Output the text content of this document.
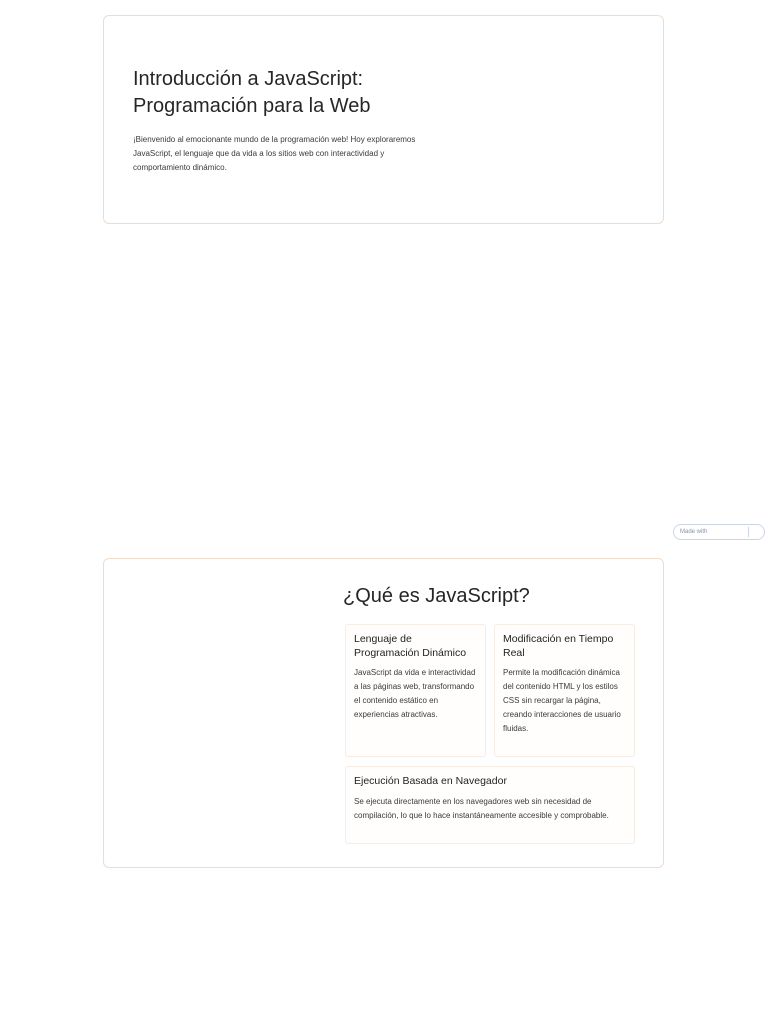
Introducción a JavaScript: Programación para la Web

¡Bienvenido al emocionante mundo de la programación web! Hoy exploraremos JavaScript, el lenguaje que da vida a los sitios web con interactividad y comportamiento dinámico.

Made with
¿Qué es JavaScript?
Lenguaje de Programación Dinámico

JavaScript da vida e interactividad a las páginas web, transformando el contenido estático en experiencias atractivas.

Modificación en Tiempo Real

Permite la modificación dinámica del contenido HTML y los estilos CSS sin recargar la página, creando interacciones de usuario fluidas.

Ejecución Basada en Navegador

Se ejecuta directamente en los navegadores web sin necesidad de compilación, lo que lo hace instantáneamente accesible y comprobable.
